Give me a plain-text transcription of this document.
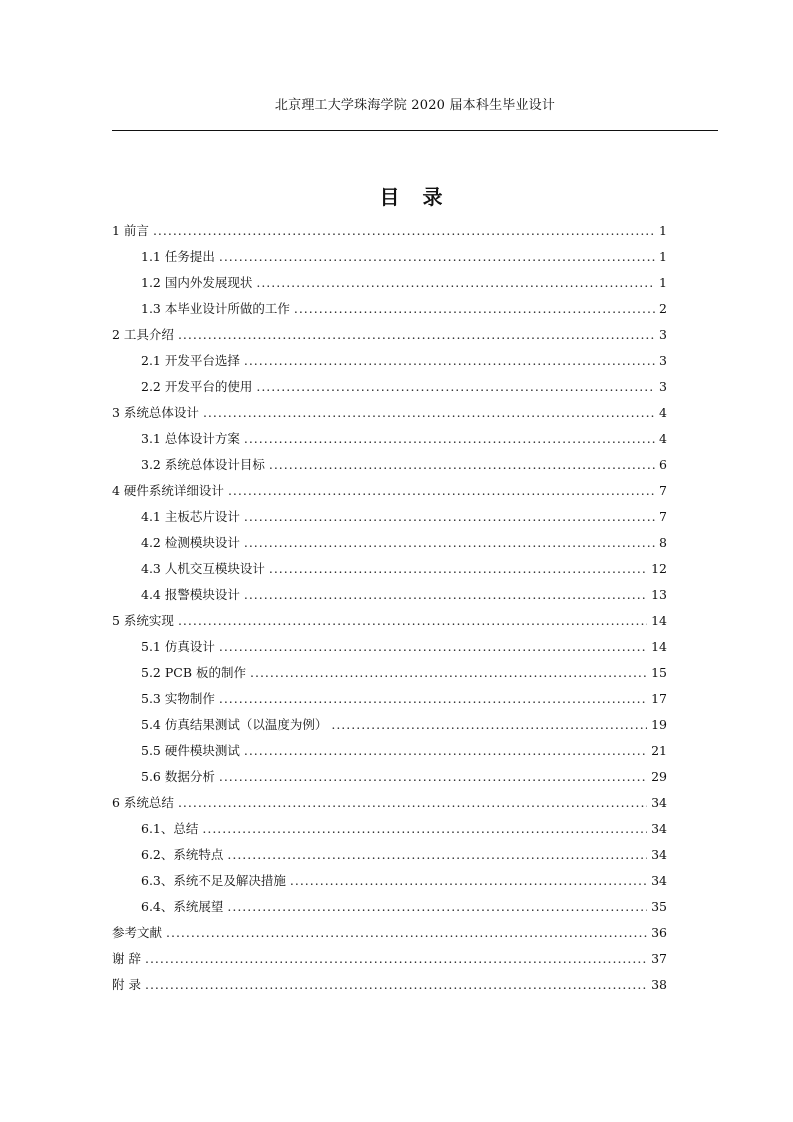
北京理工大学珠海学院 2020 届本科生毕业设计
目 录
1 前言 .....	1
1.1 任务提出 .....	1
1.2 国内外发展现状 .....	1
1.3 本毕业设计所做的工作 .....	2
2 工具介绍 .....	3
2.1 开发平台选择 .....	3
2.2 开发平台的使用 .....	3
3 系统总体设计 .....	4
3.1 总体设计方案 .....	4
3.2 系统总体设计目标 .....	6
4 硬件系统详细设计 .....	7
4.1 主板芯片设计 .....	7
4.2 检测模块设计 .....	8
4.3 人机交互模块设计 .....	12
4.4 报警模块设计 .....	13
5 系统实现 .....	14
5.1 仿真设计 .....	14
5.2 PCB 板的制作 .....	15
5.3 实物制作 .....	17
5.4 仿真结果测试（以温度为例） .....	19
5.5 硬件模块测试 .....	21
5.6 数据分析 .....	29
6 系统总结 .....	34
6.1、总结 .....	34
6.2、系统特点 .....	34
6.3、系统不足及解决措施 .....	34
6.4、系统展望 .....	35
参考文献 .....	36
谢 辞 .....	37
附 录 .....	38
